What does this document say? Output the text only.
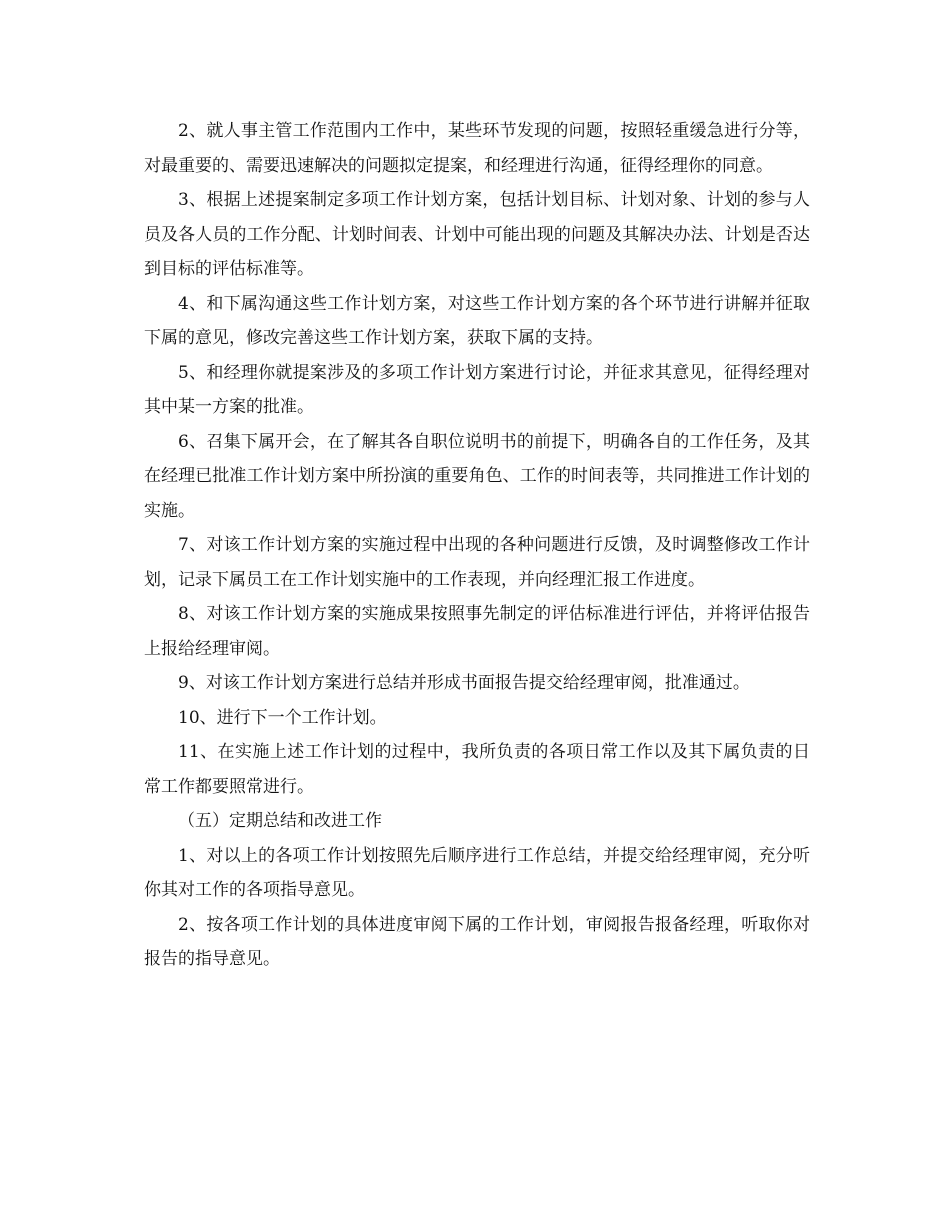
2、就人事主管工作范围内工作中，某些环节发现的问题，按照轻重缓急进行分等，对最重要的、需要迅速解决的问题拟定提案，和经理进行沟通，征得经理你的同意。

3、根据上述提案制定多项工作计划方案，包括计划目标、计划对象、计划的参与人员及各人员的工作分配、计划时间表、计划中可能出现的问题及其解决办法、计划是否达到目标的评估标准等。

4、和下属沟通这些工作计划方案，对这些工作计划方案的各个环节进行讲解并征取下属的意见，修改完善这些工作计划方案，获取下属的支持。

5、和经理你就提案涉及的多项工作计划方案进行讨论，并征求其意见，征得经理对其中某一方案的批准。

6、召集下属开会，在了解其各自职位说明书的前提下，明确各自的工作任务，及其在经理已批准工作计划方案中所扮演的重要角色、工作的时间表等，共同推进工作计划的实施。

7、对该工作计划方案的实施过程中出现的各种问题进行反馈，及时调整修改工作计划，记录下属员工在工作计划实施中的工作表现，并向经理汇报工作进度。

8、对该工作计划方案的实施成果按照事先制定的评估标准进行评估，并将评估报告上报给经理审阅。

9、对该工作计划方案进行总结并形成书面报告提交给经理审阅，批准通过。

10、进行下一个工作计划。

11、在实施上述工作计划的过程中，我所负责的各项日常工作以及其下属负责的日常工作都要照常进行。

（五）定期总结和改进工作

1、对以上的各项工作计划按照先后顺序进行工作总结，并提交给经理审阅，充分听你其对工作的各项指导意见。

2、按各项工作计划的具体进度审阅下属的工作计划，审阅报告报备经理，听取你对报告的指导意见。
